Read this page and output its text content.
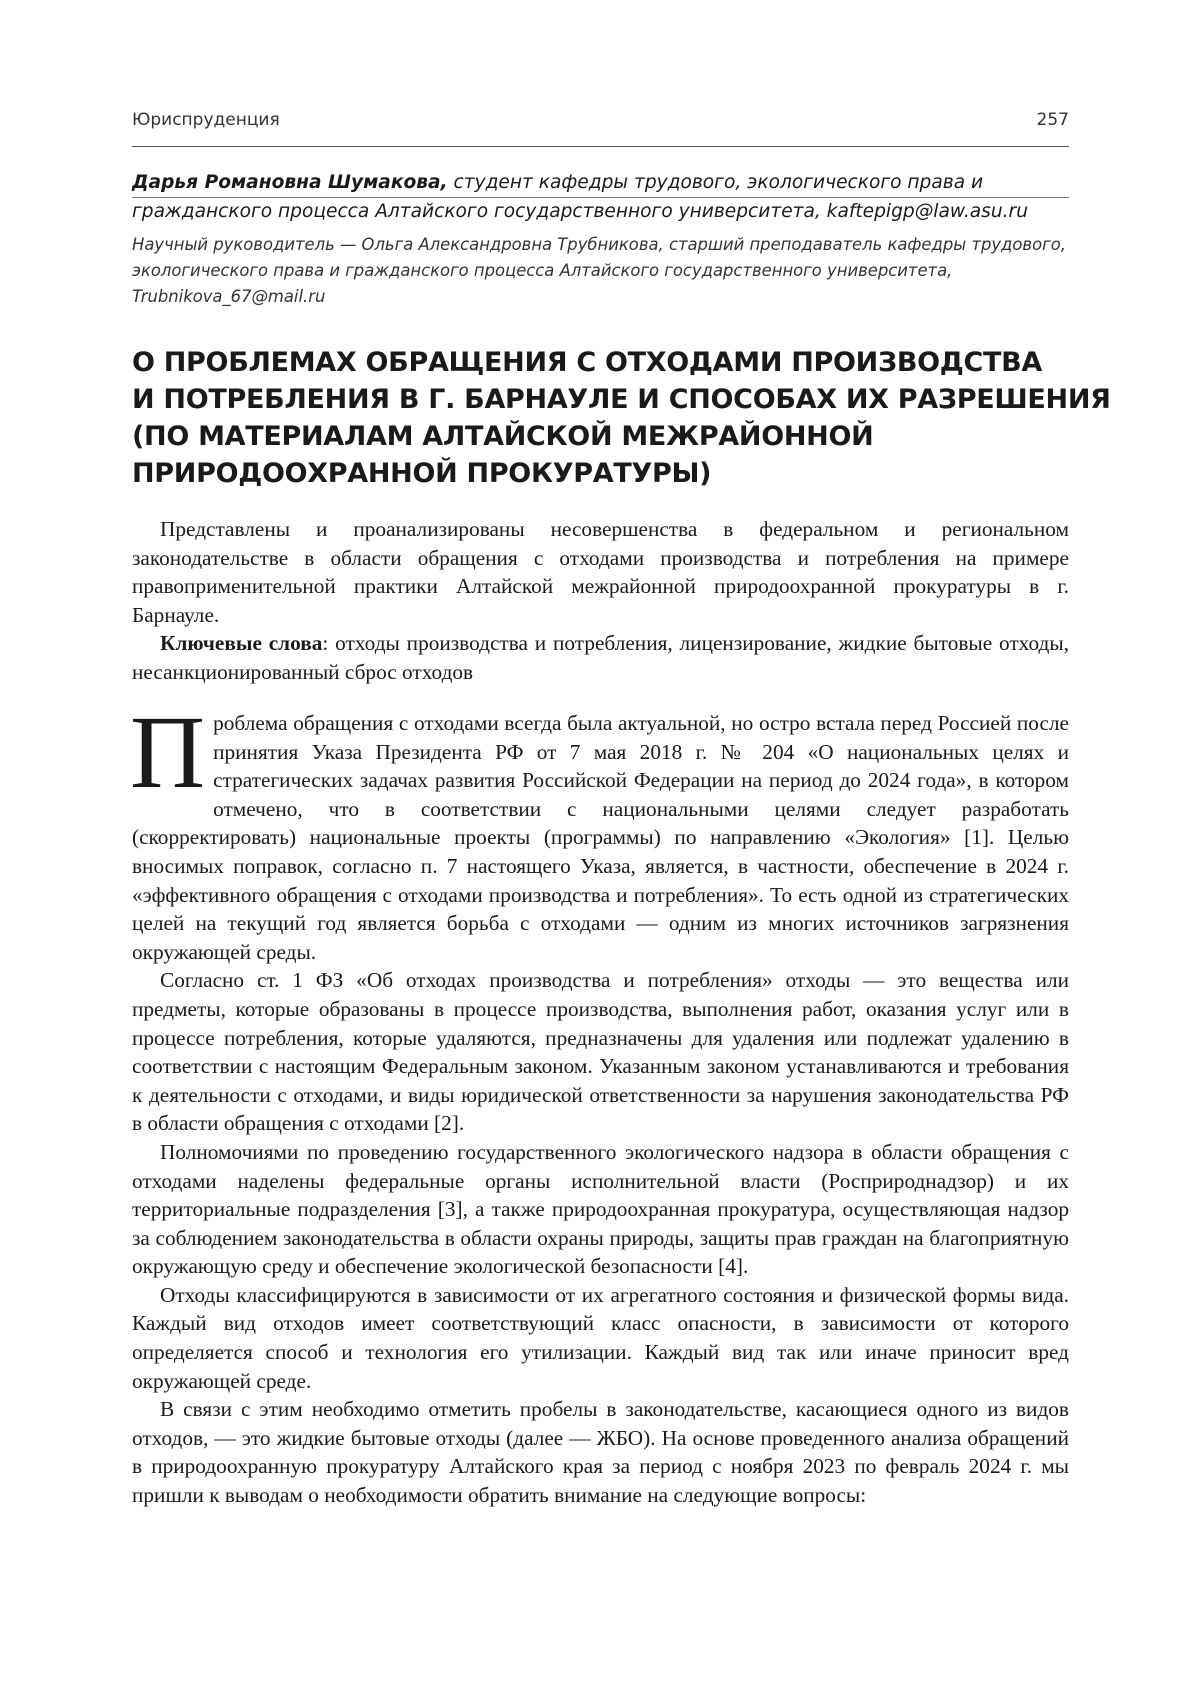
Юриспруденция	257
Дарья Романовна Шумакова, студент кафедры трудового, экологического права и гражданского процесса Алтайского государственного университета, kaftepigp@law.asu.ru
Научный руководитель — Ольга Александровна Трубникова, старший преподаватель кафедры трудового, экологического права и гражданского процесса Алтайского государственного университета, Trubnikova_67@mail.ru
О ПРОБЛЕМАХ ОБРАЩЕНИЯ С ОТХОДАМИ ПРОИЗВОДСТВА
И ПОТРЕБЛЕНИЯ В Г. БАРНАУЛЕ И СПОСОБАХ ИХ РАЗРЕШЕНИЯ
(ПО МАТЕРИАЛАМ АЛТАЙСКОЙ МЕЖРАЙОННОЙ
ПРИРОДООХРАННОЙ ПРОКУРАТУРЫ)

Представлены и проанализированы несовершенства в федеральном и региональном законодательстве в области обращения с отходами производства и потребления на примере правоприменительной практики Алтайской межрайонной природоохранной прокуратуры в г. Барнауле.

Ключевые слова: отходы производства и потребления, лицензирование, жидкие бытовые отходы, несанкционированный сброс отходов

Проблема обращения с отходами всегда была актуальной, но остро встала перед Россией после принятия Указа Президента РФ от 7 мая 2018 г. № 204 «О национальных целях и стратегических задачах развития Российской Федерации на период до 2024 года», в котором отмечено, что в соответствии с национальными целями следует разработать (скорректировать) национальные проекты (программы) по направлению «Экология» [1]. Целью вносимых поправок, согласно п. 7 настоящего Указа, является, в частности, обеспечение в 2024 г. «эффективного обращения с отходами производства и потребления». То есть одной из стратегических целей на текущий год является борьба с отходами — одним из многих источников загрязнения окружающей среды.

Согласно ст. 1 ФЗ «Об отходах производства и потребления» отходы — это вещества или предметы, которые образованы в процессе производства, выполнения работ, оказания услуг или в процессе потребления, которые удаляются, предназначены для удаления или подлежат удалению в соответствии с настоящим Федеральным законом. Указанным законом устанавливаются и требования к деятельности с отходами, и виды юридической ответственности за нарушения законодательства РФ в области обращения с отходами [2].

Полномочиями по проведению государственного экологического надзора в области обращения с отходами наделены федеральные органы исполнительной власти (Росприроднадзор) и их территориальные подразделения [3], а также природоохранная прокуратура, осуществляющая надзор за соблюдением законодательства в области охраны природы, защиты прав граждан на благоприятную окружающую среду и обеспечение экологической безопасности [4].

Отходы классифицируются в зависимости от их агрегатного состояния и физической формы вида. Каждый вид отходов имеет соответствующий класс опасности, в зависимости от которого определяется способ и технология его утилизации. Каждый вид так или иначе приносит вред окружающей среде.

В связи с этим необходимо отметить пробелы в законодательстве, касающиеся одного из видов отходов, — это жидкие бытовые отходы (далее — ЖБО). На основе проведенного анализа обращений в природоохранную прокуратуру Алтайского края за период с ноября 2023 по февраль 2024 г. мы пришли к выводам о необходимости обратить внимание на следующие вопросы:
